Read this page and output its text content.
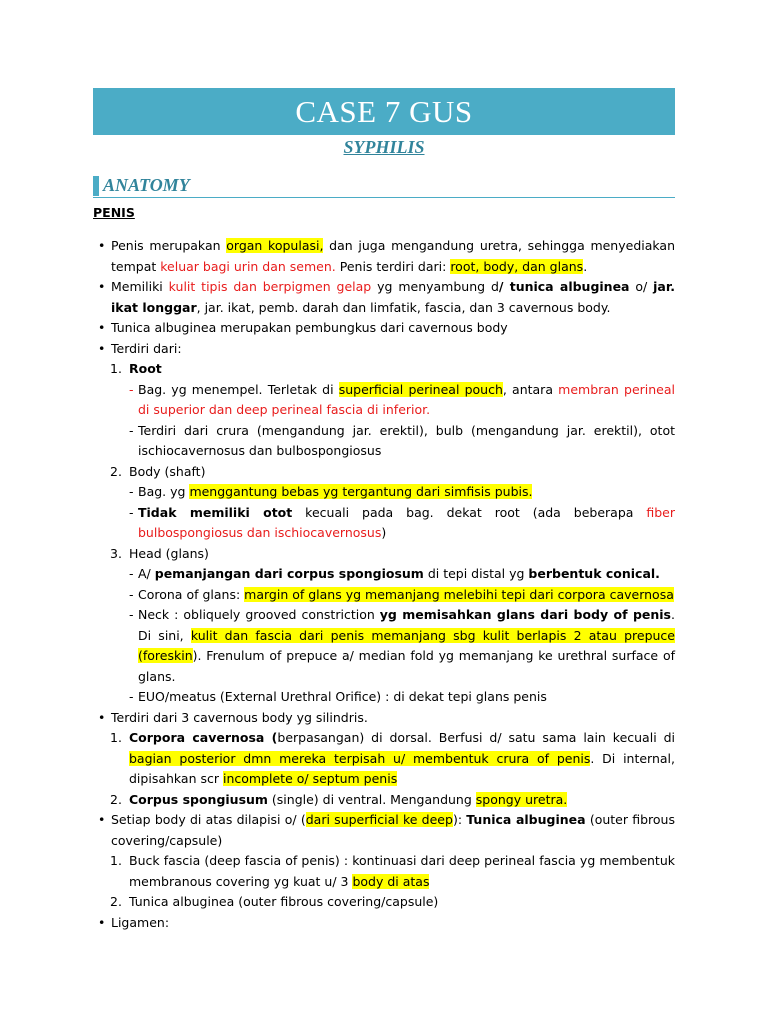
CASE 7 GUS
SYPHILIS
ANATOMY
PENIS
• Penis merupakan organ kopulasi, dan juga mengandung uretra, sehingga menyediakan tempat keluar bagi urin dan semen. Penis terdiri dari: root, body, dan glans.
• Memiliki kulit tipis dan berpigmen gelap yg menyambung d/ tunica albuginea o/ jar. ikat longgar, jar. ikat, pemb. darah dan limfatik, fascia, dan 3 cavernous body.
• Tunica albuginea merupakan pembungkus dari cavernous body
• Terdiri dari:
1. Root
- Bag. yg menempel. Terletak di superficial perineal pouch, antara membran perineal di superior dan deep perineal fascia di inferior.
- Terdiri dari crura (mengandung jar. erektil), bulb (mengandung jar. erektil), otot ischiocavernosus dan bulbospongiosus
2. Body (shaft)
- Bag. yg menggantung bebas yg tergantung dari simfisis pubis.
- Tidak memiliki otot kecuali pada bag. dekat root (ada beberapa fiber bulbospongiosus dan ischiocavernosus)
3. Head (glans)
- A/ pemanjangan dari corpus spongiosum di tepi distal yg berbentuk conical.
- Corona of glans: margin of glans yg memanjang melebihi tepi dari corpora cavernosa
- Neck : obliquely grooved constriction yg memisahkan glans dari body of penis. Di sini, kulit dan fascia dari penis memanjang sbg kulit berlapis 2 atau prepuce (foreskin). Frenulum of prepuce a/ median fold yg memanjang ke urethral surface of glans.
- EUO/meatus (External Urethral Orifice) : di dekat tepi glans penis
• Terdiri dari 3 cavernous body yg silindris.
1. Corpora cavernosa (berpasangan) di dorsal. Berfusi d/ satu sama lain kecuali di bagian posterior dmn mereka terpisah u/ membentuk crura of penis. Di internal, dipisahkan scr incomplete o/ septum penis
2. Corpus spongiusum (single) di ventral. Mengandung spongy uretra.
• Setiap body di atas dilapisi o/ (dari superficial ke deep): Tunica albuginea (outer fibrous covering/capsule)
1. Buck fascia (deep fascia of penis) : kontinuasi dari deep perineal fascia yg membentuk membranous covering yg kuat u/ 3 body di atas
2. Tunica albuginea (outer fibrous covering/capsule)
• Ligamen:
